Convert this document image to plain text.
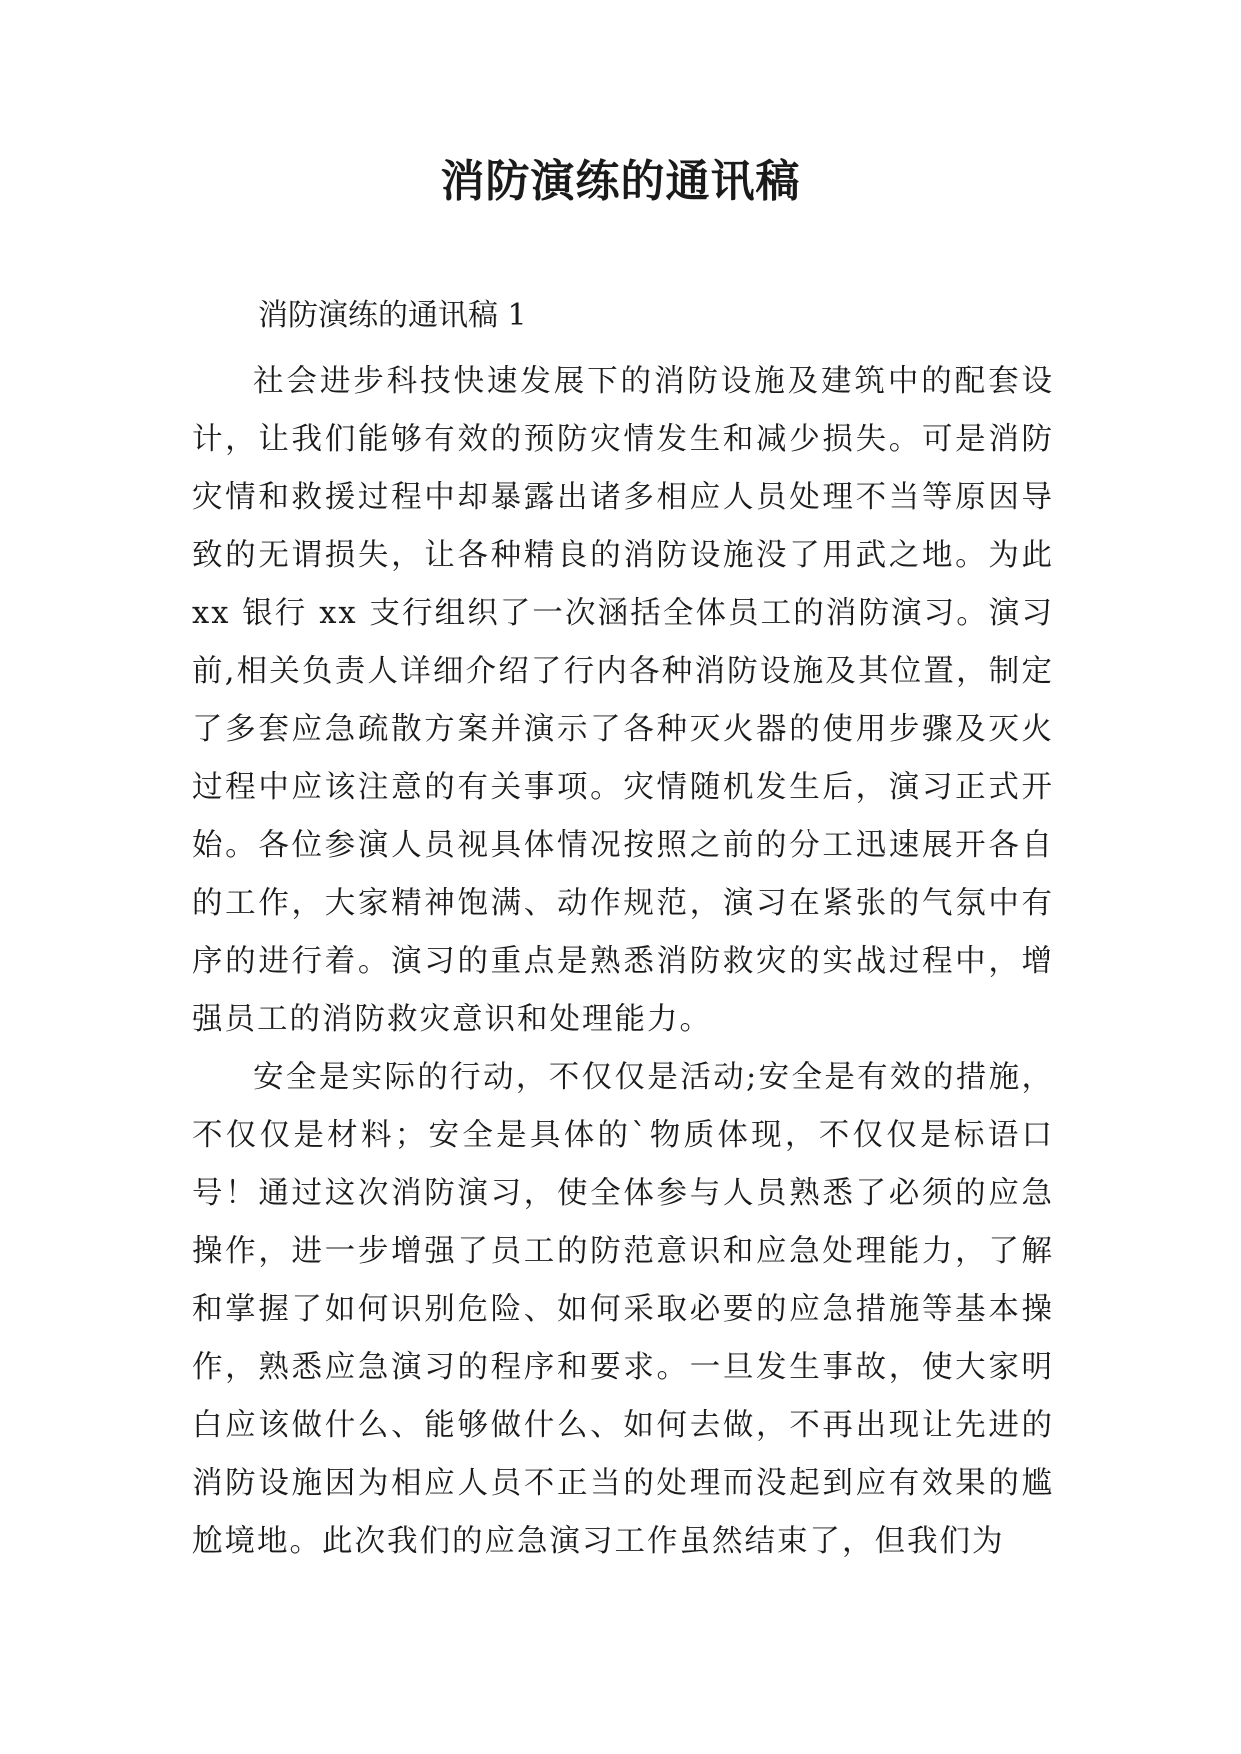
消防演练的通讯稿
消防演练的通讯稿 1

社会进步科技快速发展下的消防设施及建筑中的配套设计，让我们能够有效的预防灾情发生和减少损失。可是消防灾情和救援过程中却暴露出诸多相应人员处理不当等原因导致的无谓损失，让各种精良的消防设施没了用武之地。为此 xx 银行 xx 支行组织了一次涵括全体员工的消防演习。演习前,相关负责人详细介绍了行内各种消防设施及其位置，制定了多套应急疏散方案并演示了各种灭火器的使用步骤及灭火过程中应该注意的有关事项。灾情随机发生后，演习正式开始。各位参演人员视具体情况按照之前的分工迅速展开各自的工作，大家精神饱满、动作规范，演习在紧张的气氛中有序的进行着。演习的重点是熟悉消防救灾的实战过程中，增强员工的消防救灾意识和处理能力。

安全是实际的行动，不仅仅是活动;安全是有效的措施，不仅仅是材料；安全是具体的`物质体现，不仅仅是标语口号！通过这次消防演习，使全体参与人员熟悉了必须的应急操作，进一步增强了员工的防范意识和应急处理能力，了解和掌握了如何识别危险、如何采取必要的应急措施等基本操作，熟悉应急演习的程序和要求。一旦发生事故，使大家明白应该做什么、能够做什么、如何去做，不再出现让先进的消防设施因为相应人员不正当的处理而没起到应有效果的尴尬境地。此次我们的应急演习工作虽然结束了，但我们为
